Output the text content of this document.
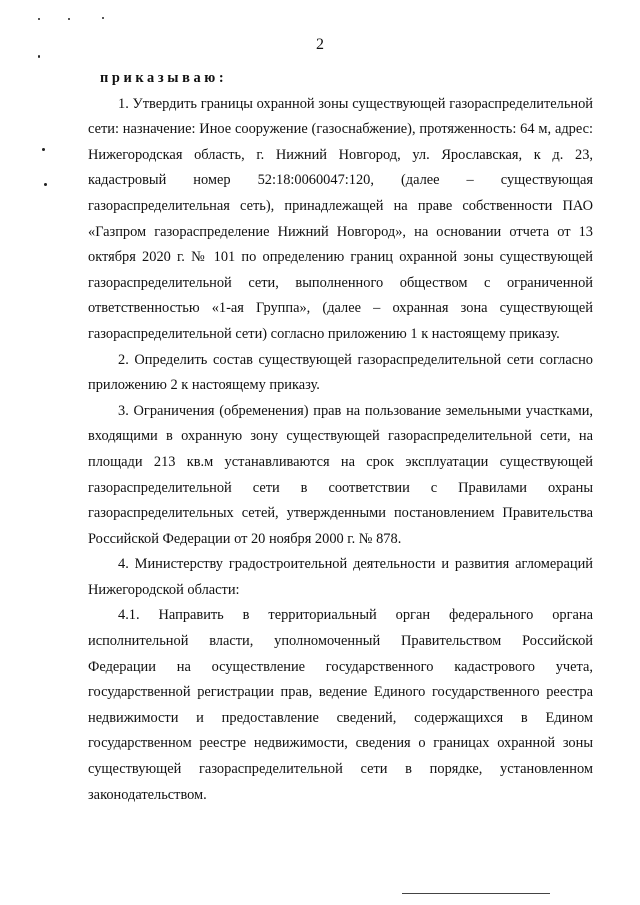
2

приказываю:

1. Утвердить границы охранной зоны существующей газораспределительной сети: назначение: Иное сооружение (газоснабжение), протяженность: 64 м, адрес: Нижегородская область, г. Нижний Новгород, ул. Ярославская, к д. 23, кадастровый номер 52:18:0060047:120, (далее – существующая газораспределительная сеть), принадлежащей на праве собственности ПАО «Газпром газораспределение Нижний Новгород», на основании отчета от 13 октября 2020 г. № 101 по определению границ охранной зоны существующей газораспределительной сети, выполненного обществом с ограниченной ответственностью «1-ая Группа», (далее – охранная зона существующей газораспределительной сети) согласно приложению 1 к настоящему приказу.

2. Определить состав существующей газораспределительной сети согласно приложению 2 к настоящему приказу.

3. Ограничения (обременения) прав на пользование земельными участками, входящими в охранную зону существующей газораспределительной сети, на площади 213 кв.м устанавливаются на срок эксплуатации существующей газораспределительной сети в соответствии с Правилами охраны газораспределительных сетей, утвержденными постановлением Правительства Российской Федерации от 20 ноября 2000 г. № 878.

4. Министерству градостроительной деятельности и развития агломераций Нижегородской области:

4.1. Направить в территориальный орган федерального органа исполнительной власти, уполномоченный Правительством Российской Федерации на осуществление государственного кадастрового учета, государственной регистрации прав, ведение Единого государственного реестра недвижимости и предоставление сведений, содержащихся в Едином государственном реестре недвижимости, сведения о границах охранной зоны существующей газораспределительной сети в порядке, установленном законодательством.
